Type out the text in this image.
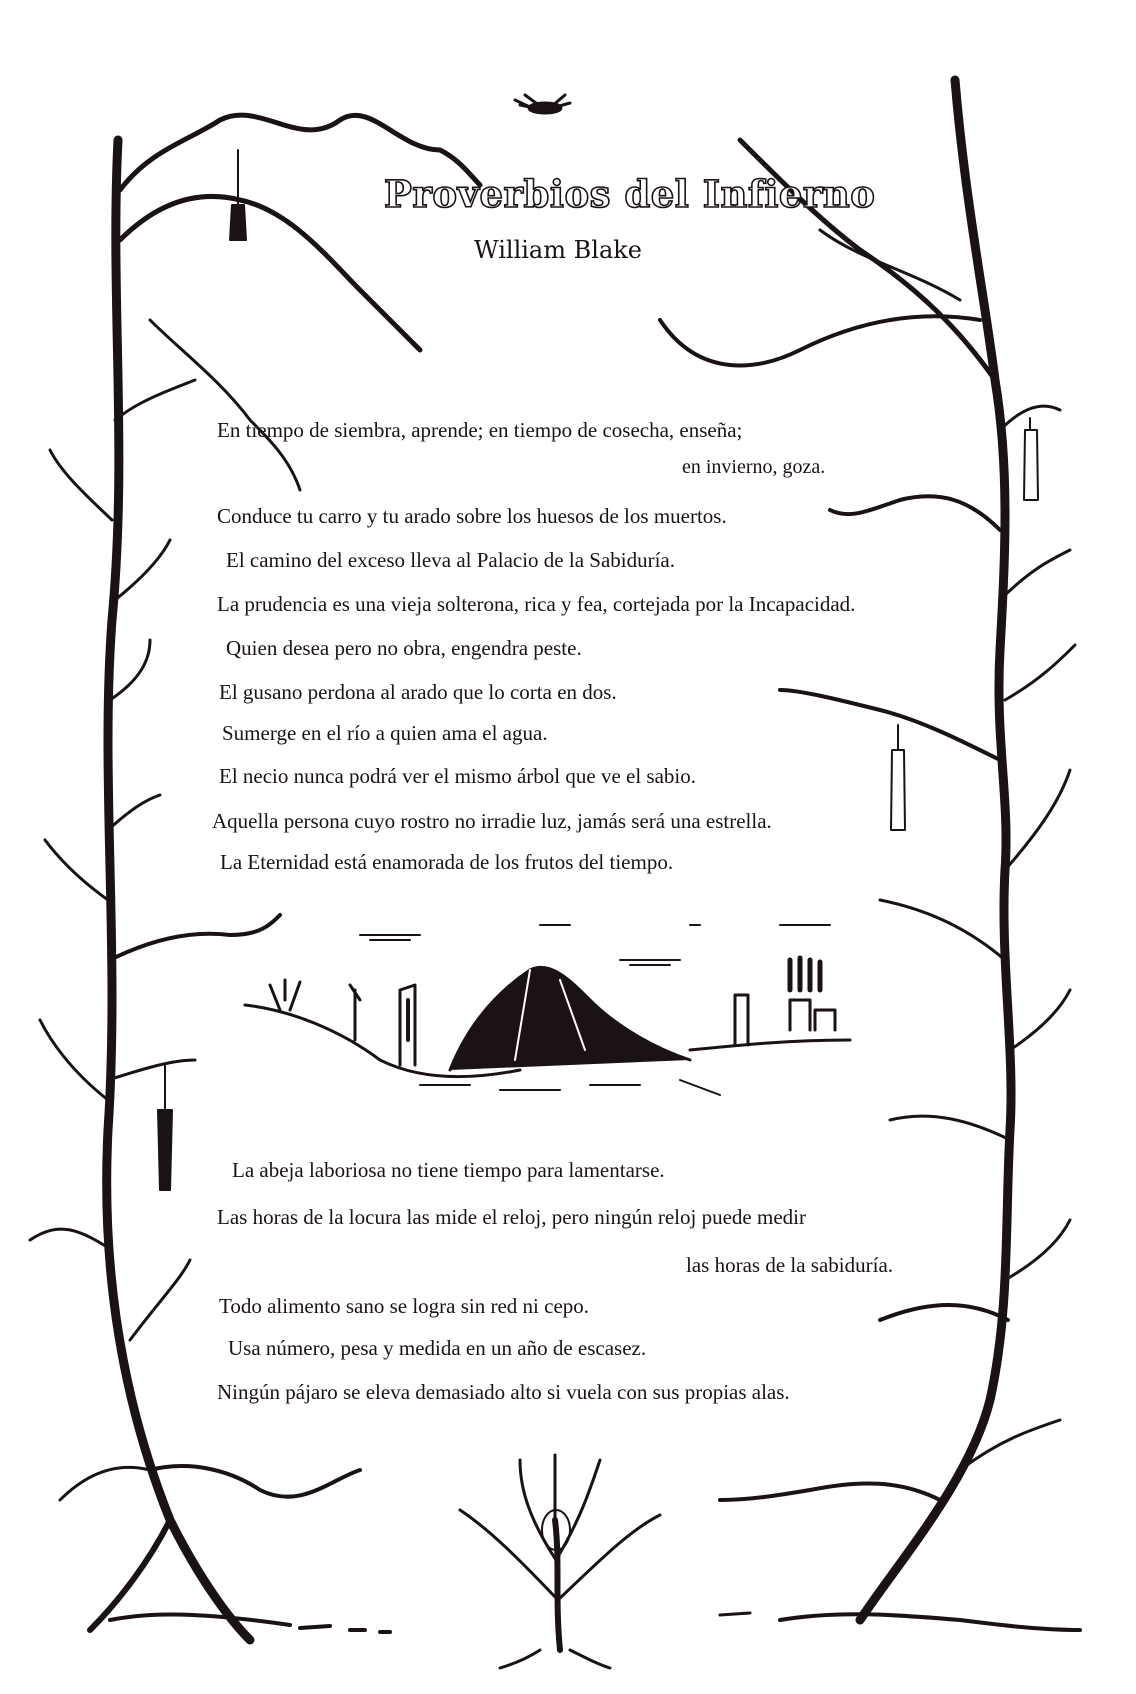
Proverbios del Infierno
William Blake
En tiempo de siembra, aprende; en tiempo de cosecha, enseña;
en invierno, goza.
Conduce tu carro y tu arado sobre los huesos de los muertos.
El camino del exceso lleva al Palacio de la Sabiduría.
La prudencia es una vieja solterona, rica y fea, cortejada por la Incapacidad.
Quien desea pero no obra, engendra peste.
El gusano perdona al arado que lo corta en dos.
Sumerge en el río a quien ama el agua.
El necio nunca podrá ver el mismo árbol que ve el sabio.
Aquella persona cuyo rostro no irradie luz, jamás será una estrella.
La Eternidad está enamorada de los frutos del tiempo.
La abeja laboriosa no tiene tiempo para lamentarse.
Las horas de la locura las mide el reloj, pero ningún reloj puede medir
las horas de la sabiduría.
Todo alimento sano se logra sin red ni cepo.
Usa número, pesa y medida en un año de escasez.
Ningún pájaro se eleva demasiado alto si vuela con sus propias alas.
